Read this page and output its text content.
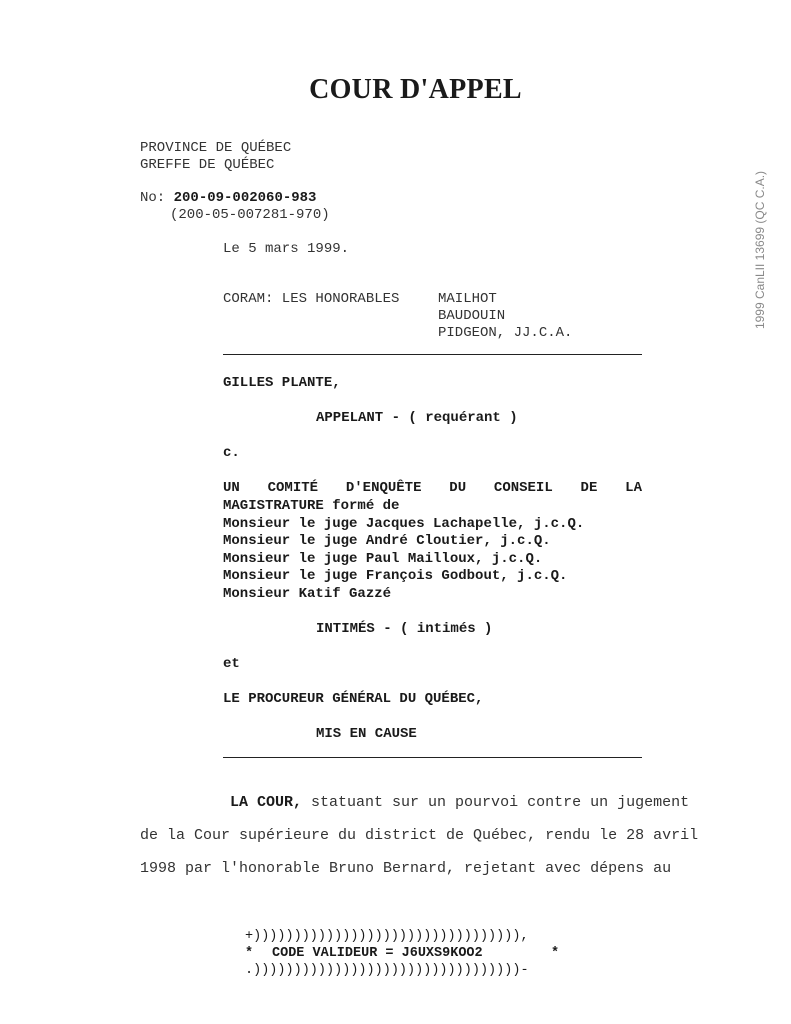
COUR D'APPEL
1999 CanLII 13699 (QC C.A.)
PROVINCE DE QUÉBEC
GREFFE DE QUÉBEC
No: 200-09-002060-983
(200-05-007281-970)
Le 5 mars 1999.
CORAM: LES HONORABLES	MAILHOT
BAUDOUIN
PIDGEON, JJ.C.A.
GILLES PLANTE,
APPELANT - ( requérant )
c.
UN COMITÉ D'ENQUÊTE DU CONSEIL DE LA
MAGISTRATURE formé de
Monsieur le juge Jacques Lachapelle, j.c.Q.
Monsieur le juge André Cloutier, j.c.Q.
Monsieur le juge Paul Mailloux, j.c.Q.
Monsieur le juge François Godbout, j.c.Q.
Monsieur Katif Gazzé
INTIMÉS - ( intimés )
et
LE PROCUREUR GÉNÉRAL DU QUÉBEC,
MIS EN CAUSE
LA COUR, statuant sur un pourvoi contre un jugement
de la Cour supérieure du district de Québec, rendu le 28 avril
1998 par l'honorable Bruno Bernard, rejetant avec dépens au
+))))))))))))))))))))))))))))))))),
* CODE VALIDEUR = J6UXS9KOO2	*
.)))))))))))))))))))))))))))))))))-
